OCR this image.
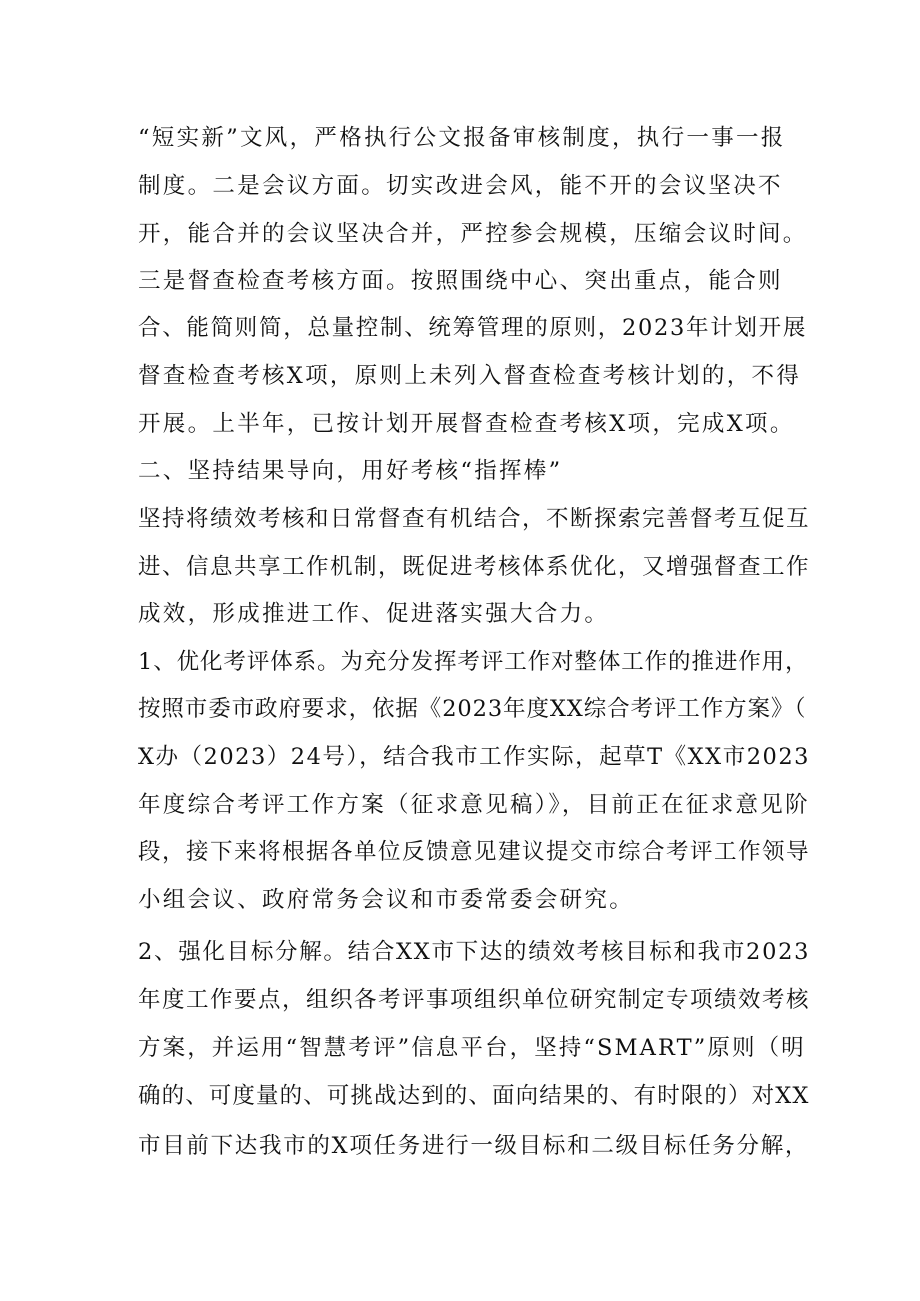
“短实新”文风，严格执行公文报备审核制度，执行一事一报
制度。二是会议方面。切实改进会风，能不开的会议坚决不
开，能合并的会议坚决合并，严控参会规模，压缩会议时间。
三是督查检查考核方面。按照围绕中心、突出重点，能合则
合、能简则简，总量控制、统筹管理的原则，2023年计划开展
督查检查考核X项，原则上未列入督查检查考核计划的，不得
开展。上半年，已按计划开展督查检查考核X项，完成X项。
二、坚持结果导向，用好考核“指挥棒”
坚持将绩效考核和日常督查有机结合，不断探索完善督考互促互
进、信息共享工作机制，既促进考核体系优化，又增强督查工作
成效，形成推进工作、促进落实强大合力。
1、优化考评体系。为充分发挥考评工作对整体工作的推进作用，
按照市委市政府要求，依据《2023年度XX综合考评工作方案》（
X办（2023）24号），结合我市工作实际，起草T《XX市2023
年度综合考评工作方案（征求意见稿）》，目前正在征求意见阶
段，接下来将根据各单位反馈意见建议提交市综合考评工作领导
小组会议、政府常务会议和市委常委会研究。
2、强化目标分解。结合XX市下达的绩效考核目标和我市2023
年度工作要点，组织各考评事项组织单位研究制定专项绩效考核
方案，并运用“智慧考评”信息平台，坚持“SMART”原则（明
确的、可度量的、可挑战达到的、面向结果的、有时限的）对XX
市目前下达我市的X项任务进行一级目标和二级目标任务分解，
